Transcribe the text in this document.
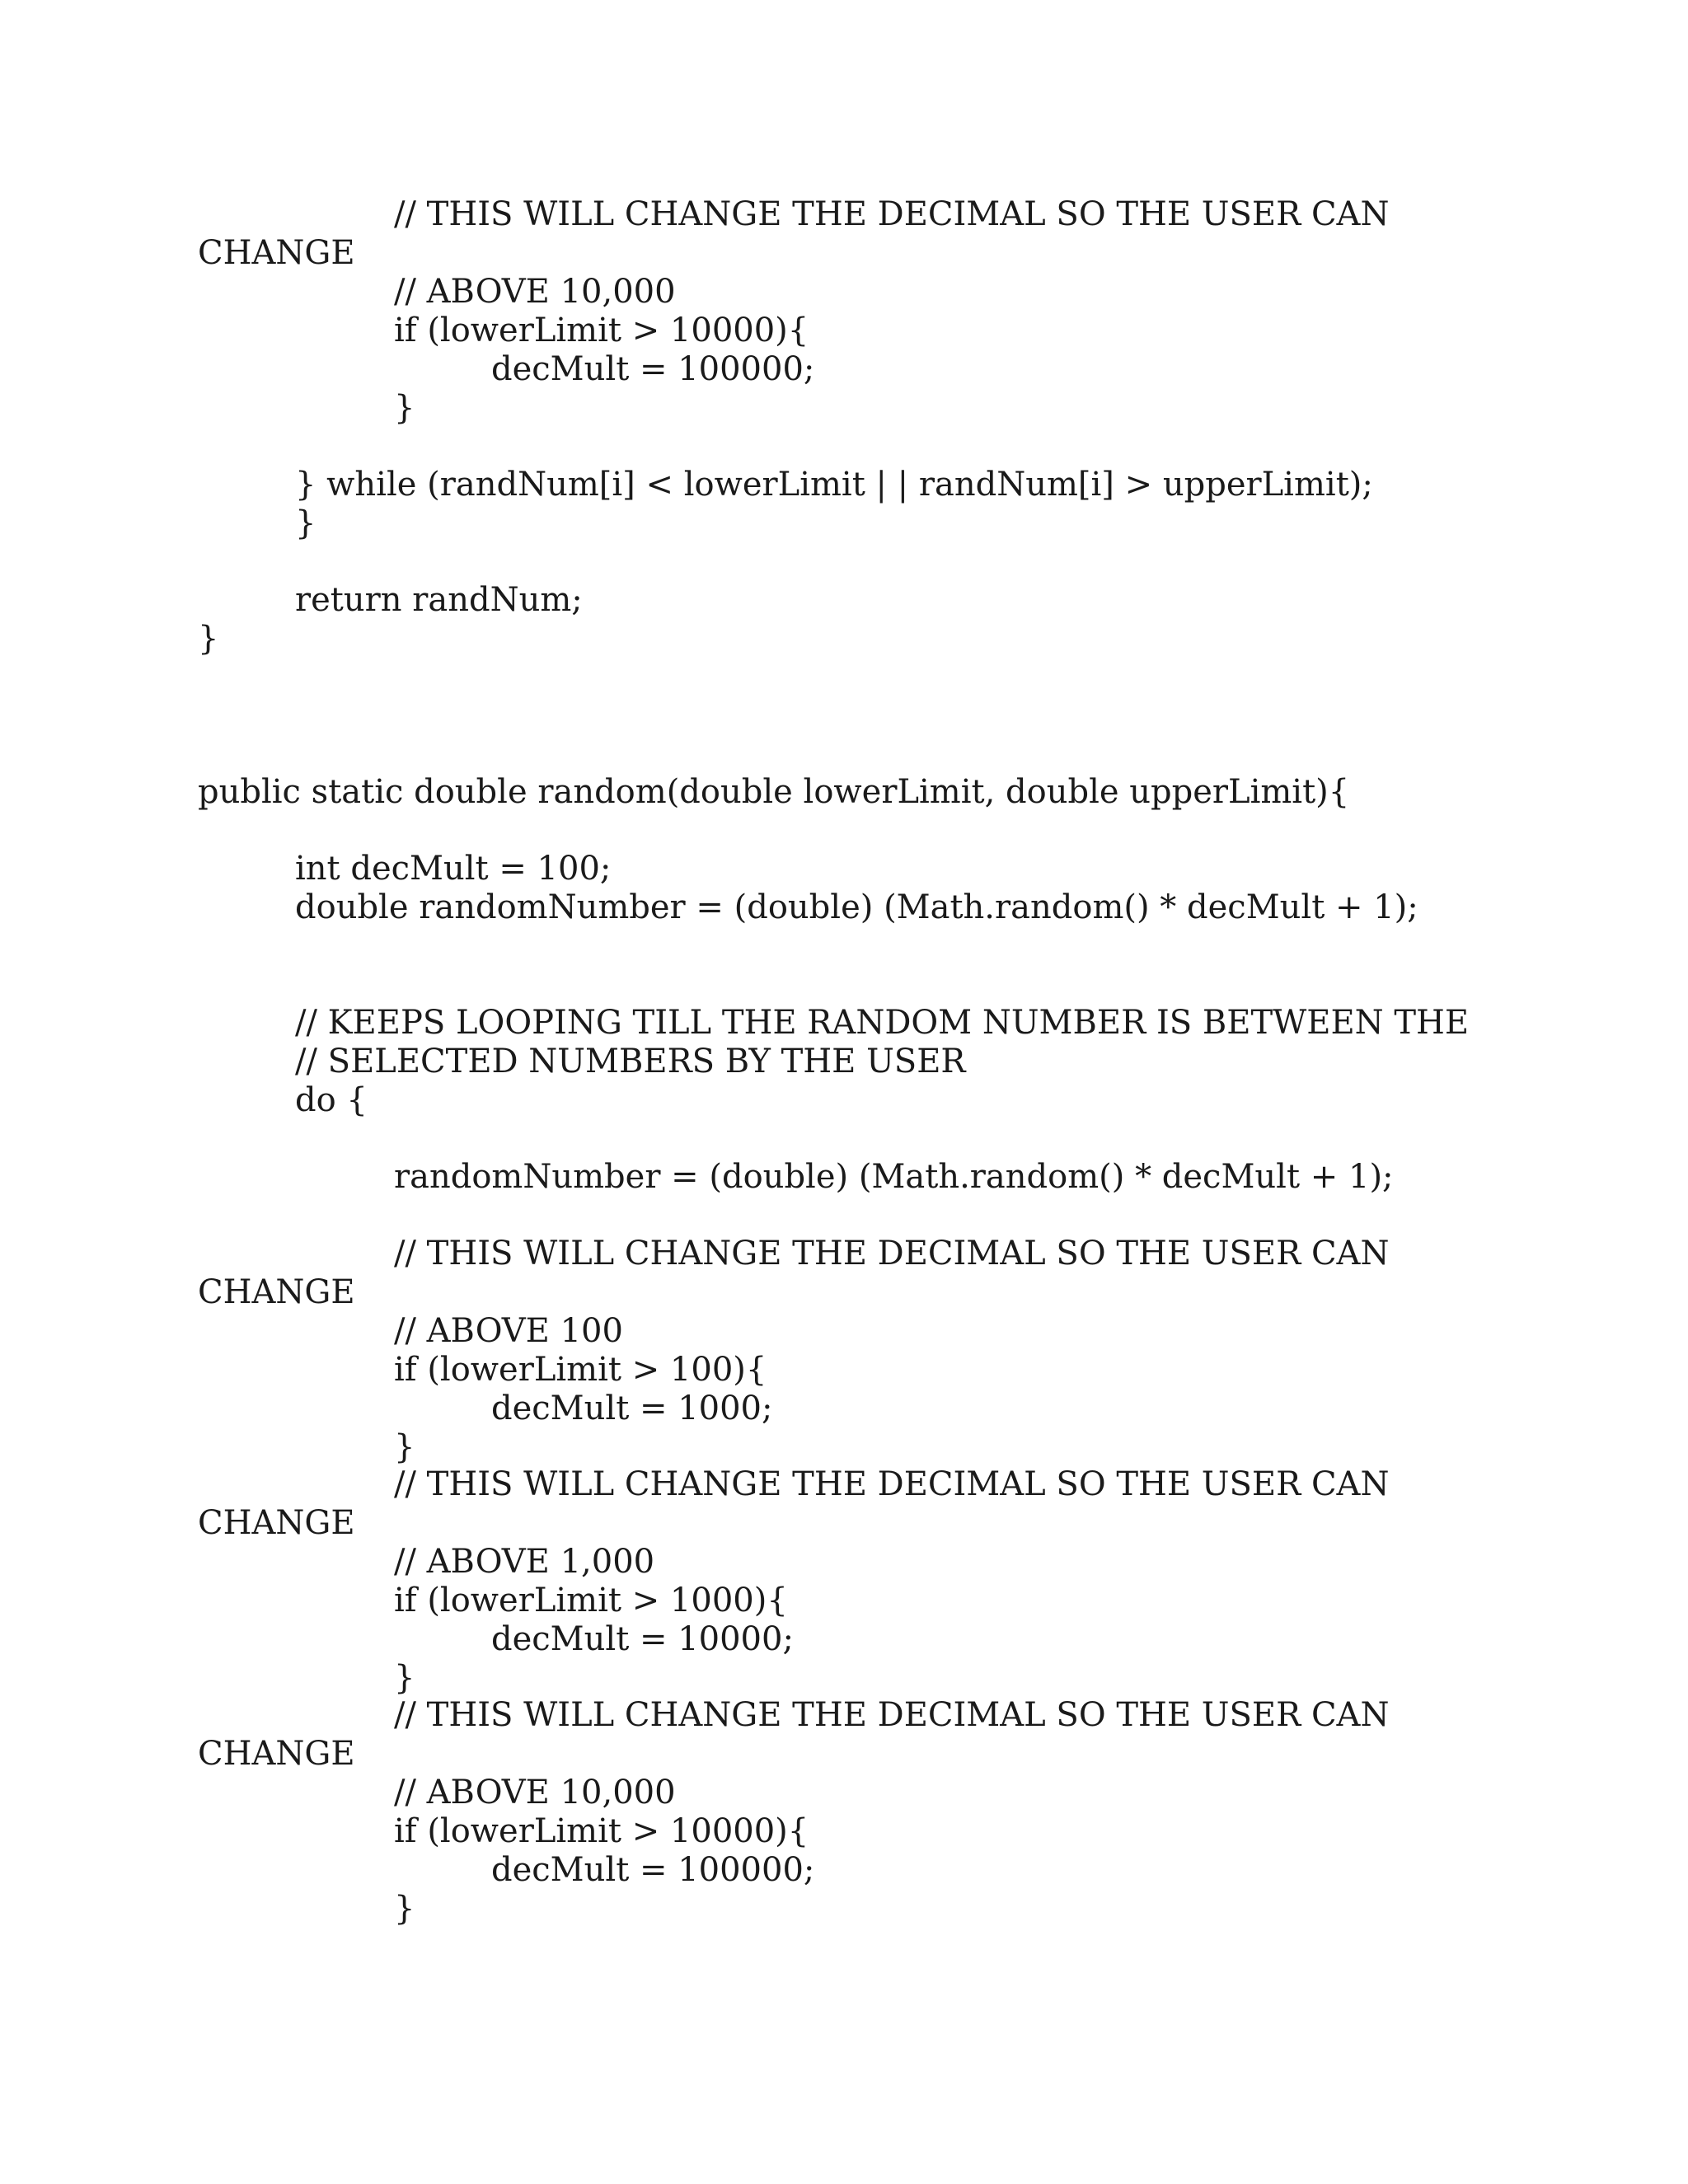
// THIS WILL CHANGE THE DECIMAL SO THE USER CAN
CHANGE
// ABOVE 10,000
if (lowerLimit > 10000){
decMult = 100000;
}
} while (randNum[i] < lowerLimit | | randNum[i] > upperLimit);
}
return randNum;
}
public static double random(double lowerLimit, double upperLimit){
int decMult = 100;
double randomNumber = (double) (Math.random() * decMult + 1);
// KEEPS LOOPING TILL THE RANDOM NUMBER IS BETWEEN THE
// SELECTED NUMBERS BY THE USER
do {
randomNumber = (double) (Math.random() * decMult + 1);
// THIS WILL CHANGE THE DECIMAL SO THE USER CAN
CHANGE
// ABOVE 100
if (lowerLimit > 100){
decMult = 1000;
}
// THIS WILL CHANGE THE DECIMAL SO THE USER CAN
CHANGE
// ABOVE 1,000
if (lowerLimit > 1000){
decMult = 10000;
}
// THIS WILL CHANGE THE DECIMAL SO THE USER CAN
CHANGE
// ABOVE 10,000
if (lowerLimit > 10000){
decMult = 100000;
}
